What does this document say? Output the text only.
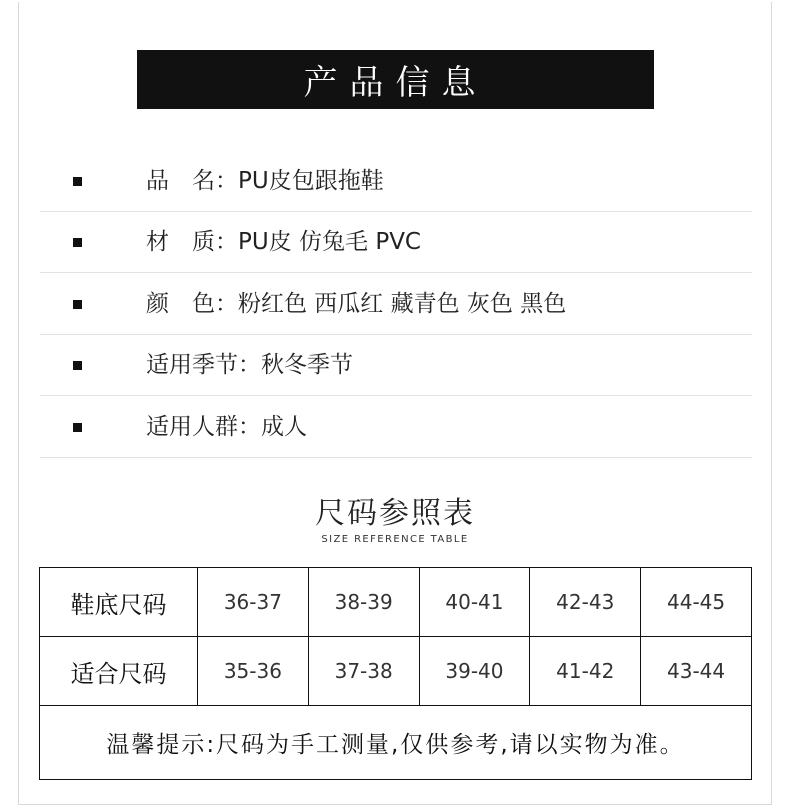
产品信息
品　名：PU皮包跟拖鞋
材　质：PU皮 仿兔毛 PVC
颜　色：粉红色 西瓜红 藏青色 灰色 黑色
适用季节：秋冬季节
适用人群：成人
尺码参照表
SIZE REFERENCE TABLE
鞋底尺码	36-37	38-39	40-41	42-43	44-45
适合尺码	35-36	37-38	39-40	41-42	43-44
温馨提示:尺码为手工测量,仅供参考,请以实物为准。					
